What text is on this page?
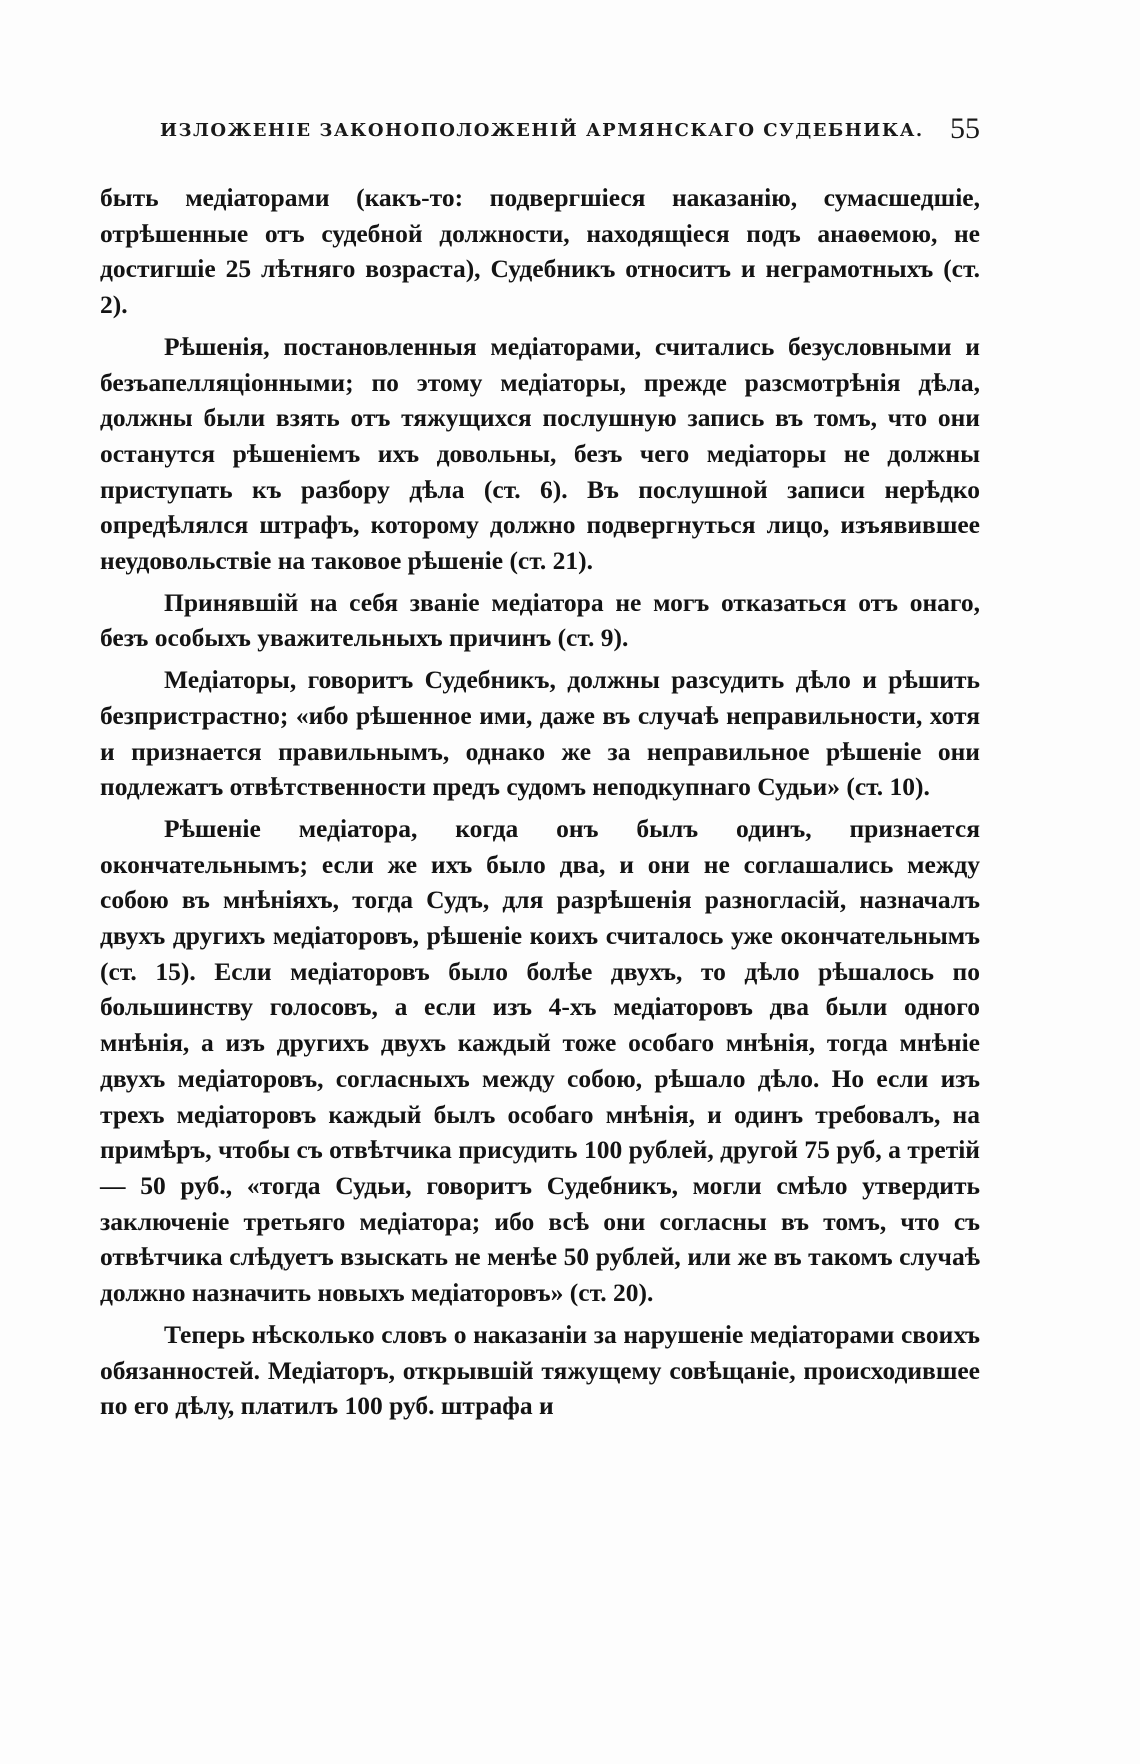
ИЗЛОЖЕНІЕ ЗАКОНОПОЛОЖЕНІЙ АРМЯНСКАГО СУДЕБНИКА. 55

быть медіаторами (какъ-то: подвергшіеся наказанію, сумасшедшіе, отрѣшенные отъ судебной должности, находящіеся подъ анаѳемою, не достигшіе 25 лѣтняго возраста), Судебникъ относитъ и неграмотныхъ (ст. 2).

Рѣшенія, постановленныя медіаторами, считались безусловными и безъапелляціонными; по этому медіаторы, прежде разсмотрѣнія дѣла, должны были взять отъ тяжущихся послушную запись въ томъ, что они останутся рѣшеніемъ ихъ довольны, безъ чего медіаторы не должны приступать къ разбору дѣла (ст. 6). Въ послушной записи нерѣдко опредѣлялся штрафъ, которому должно подвергнуться лицо, изъявившее неудовольствіе на таковое рѣшеніе (ст. 21).

Принявшій на себя званіе медіатора не могъ отказаться отъ онаго, безъ особыхъ уважительныхъ причинъ (ст. 9).

Медіаторы, говоритъ Судебникъ, должны разсудить дѣло и рѣшить безпристрастно; «ибо рѣшенное ими, даже въ случаѣ неправильности, хотя и признается правильнымъ, однако же за неправильное рѣшеніе они подлежатъ отвѣтственности предъ судомъ неподкупнаго Судьи» (ст. 10).

Рѣшеніе медіатора, когда онъ былъ одинъ, признается окончательнымъ; если же ихъ было два, и они не соглашались между собою въ мнѣніяхъ, тогда Судъ, для разрѣшенія разногласій, назначалъ двухъ другихъ медіаторовъ, рѣшеніе коихъ считалось уже окончательнымъ (ст. 15). Если медіаторовъ было болѣе двухъ, то дѣло рѣшалось по большинству голосовъ, а если изъ 4-хъ медіаторовъ два были одного мнѣнія, а изъ другихъ двухъ каждый тоже особаго мнѣнія, тогда мнѣніе двухъ медіаторовъ, согласныхъ между собою, рѣшало дѣло. Но если изъ трехъ медіаторовъ каждый былъ особаго мнѣнія, и одинъ требовалъ, на примѣръ, чтобы съ отвѣтчика присудить 100 рублей, другой 75 руб, а третій— 50 руб., «тогда Судьи, говоритъ Судебникъ, могли смѣло утвердить заключеніе третьяго медіатора; ибо всѣ они согласны въ томъ, что съ отвѣтчика слѣдуетъ взыскать не менѣе 50 рублей, или же въ такомъ случаѣ должно назначить новыхъ медіаторовъ» (ст. 20).

Теперь нѣсколько словъ о наказаніи за нарушеніе медіаторами своихъ обязанностей. Медіаторъ, открывшій тяжущему совѣщаніе, происходившее по его дѣлу, платилъ 100 руб. штрафа и
